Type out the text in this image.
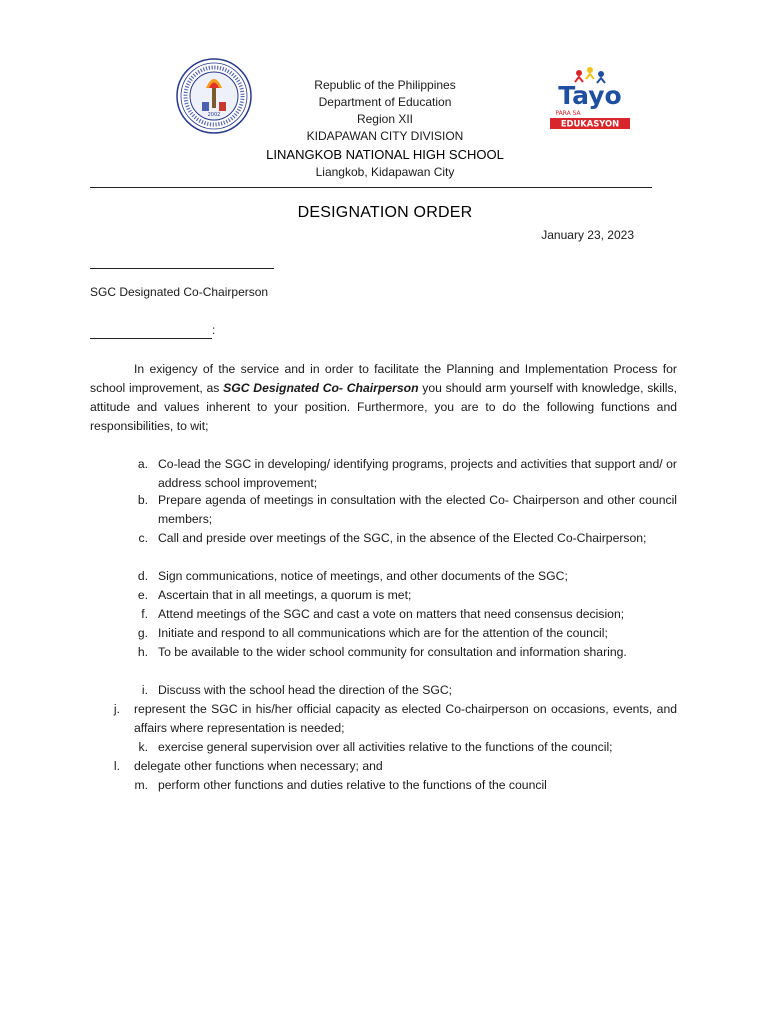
2002
Republic of the Philippines
Department of Education
Region XII
KIDAPAWAN CITY DIVISION
LINANGKOB NATIONAL HIGH SCHOOL
Liangkob, Kidapawan City
Tayo
PARA SA
EDUKASYON
DESIGNATION ORDER
January 23, 2023
SGC Designated Co-Chairperson
:
In exigency of the service and in order to facilitate the Planning and Implementation Process for school improvement, as SGC Designated Co- Chairperson you should arm yourself with knowledge, skills, attitude and values inherent to your position. Furthermore, you are to do the following functions and responsibilities, to wit;
a. Co-lead the SGC in developing/ identifying programs, projects and activities that support and/ or address school improvement;
b. Prepare agenda of meetings in consultation with the elected Co- Chairperson and other council members;
c. Call and preside over meetings of the SGC, in the absence of the Elected Co-Chairperson;
d. Sign communications, notice of meetings, and other documents of the SGC;
e. Ascertain that in all meetings, a quorum is met;
f. Attend meetings of the SGC and cast a vote on matters that need consensus decision;
g. Initiate and respond to all communications which are for the attention of the council;
h. To be available to the wider school community for consultation and information sharing.
i. Discuss with the school head the direction of the SGC;
j. represent the SGC in his/her official capacity as elected Co-chairperson on occasions, events, and affairs where representation is needed;
k. exercise general supervision over all activities relative to the functions of the council;
l. delegate other functions when necessary; and
m. perform other functions and duties relative to the functions of the council
